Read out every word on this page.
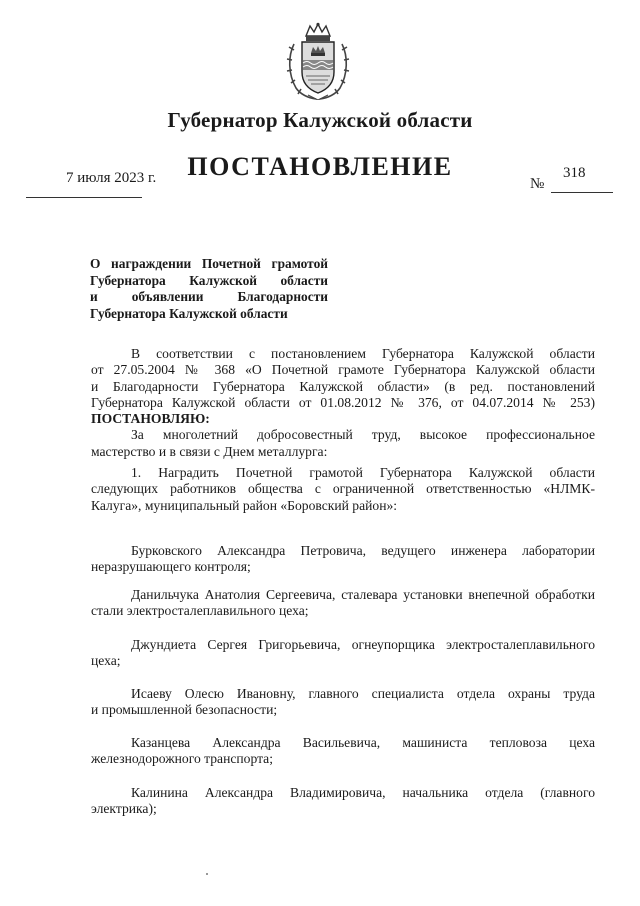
Губернатор Калужской области
7 июля 2023 г.	ПОСТАНОВЛЕНИЕ
№
318
О награждении Почетной грамотой
Губернатора Калужской области
и объявлении Благодарности
Губернатора Калужской области
В соответствии с постановлением Губернатора Калужской области
от 27.05.2004 № 368 «О Почетной грамоте Губернатора Калужской области
и Благодарности Губернатора Калужской области» (в ред. постановлений
Губернатора Калужской области от 01.08.2012 № 376, от 04.07.2014 № 253)
ПОСТАНОВЛЯЮ:
За многолетний добросовестный труд, высокое профессиональное
мастерство и в связи с Днем металлурга:
1. Наградить Почетной грамотой Губернатора Калужской области
следующих работников общества с ограниченной ответственностью «НЛМК-
Калуга», муниципальный район «Боровский район»:
Бурковского Александра Петровича, ведущего инженера лаборатории
неразрушающего контроля;
Данильчука Анатолия Сергеевича, сталевара установки внепечной обработки
стали электросталеплавильного цеха;
Джундиета Сергея Григорьевича, огнеупорщика электросталеплавильного
цеха;
Исаеву Олесю Ивановну, главного специалиста отдела охраны труда
и промышленной безопасности;
Казанцева Александра Васильевича, машиниста тепловоза цеха
железнодорожного транспорта;
Калинина Александра Владимировича, начальника отдела (главного
электрика);
